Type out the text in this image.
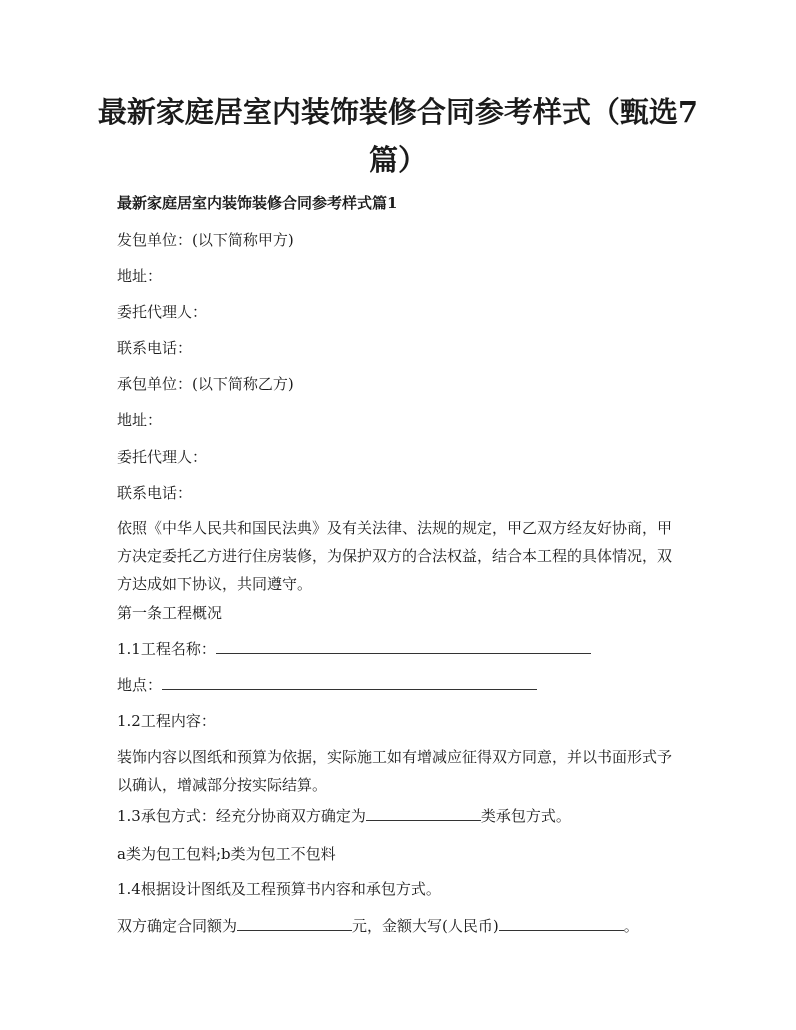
最新家庭居室内装饰装修合同参考样式（甄选7篇）

最新家庭居室内装饰装修合同参考样式篇1

发包单位：(以下简称甲方)

地址：

委托代理人：

联系电话：

承包单位：(以下简称乙方)

地址：

委托代理人：

联系电话：

依照《中华人民共和国民法典》及有关法律、法规的规定，甲乙双方经友好协商，甲方决定委托乙方进行住房装修，为保护双方的合法权益，结合本工程的具体情况，双方达成如下协议，共同遵守。

第一条工程概况

1.1工程名称：

地点：

1.2工程内容：

装饰内容以图纸和预算为依据，实际施工如有增减应征得双方同意，并以书面形式予以确认，增减部分按实际结算。

1.3承包方式：经充分协商双方确定为	类承包方式。

a类为包工包料;b类为包工不包料

1.4根据设计图纸及工程预算书内容和承包方式。

双方确定合同额为	元，金额大写(人民币)	。
